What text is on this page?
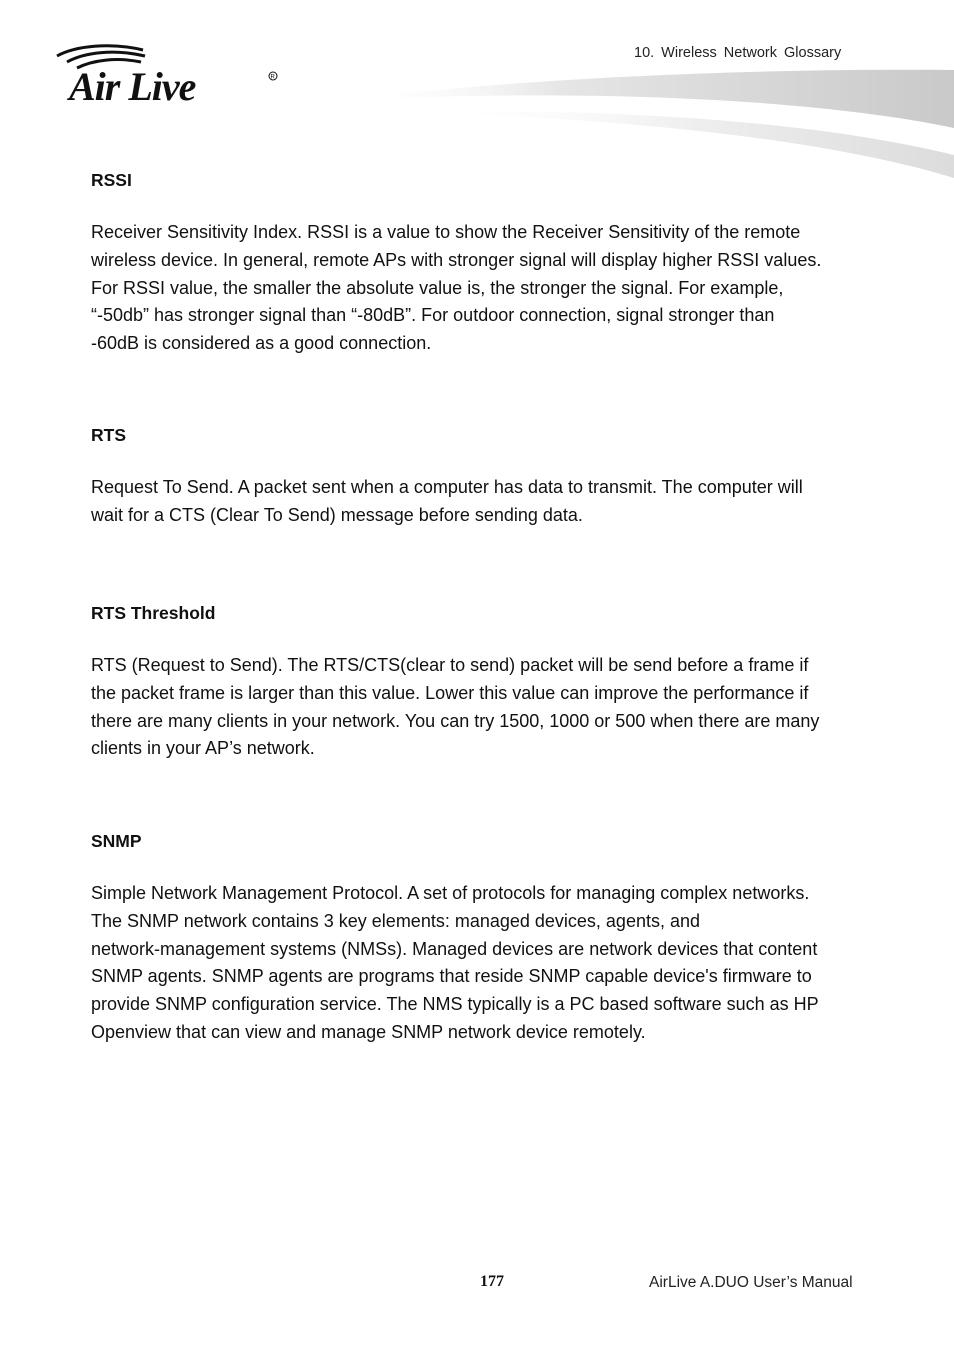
Air Live	R
10. Wireless Network Glossary

RSSI

Receiver Sensitivity Index. RSSI is a value to show the Receiver Sensitivity of the remote
wireless device. In general, remote APs with stronger signal will display higher RSSI values.
For RSSI value, the smaller the absolute value is, the stronger the signal. For example,
“-50db” has stronger signal than “-80dB”. For outdoor connection, signal stronger than
-60dB is considered as a good connection.

RTS

Request To Send. A packet sent when a computer has data to transmit. The computer will
wait for a CTS (Clear To Send) message before sending data.

RTS Threshold

RTS (Request to Send). The RTS/CTS(clear to send) packet will be send before a frame if
the packet frame is larger than this value. Lower this value can improve the performance if
there are many clients in your network. You can try 1500, 1000 or 500 when there are many
clients in your AP’s network.

SNMP

Simple Network Management Protocol. A set of protocols for managing complex networks.
The SNMP network contains 3 key elements: managed devices, agents, and
network-management systems (NMSs). Managed devices are network devices that content
SNMP agents. SNMP agents are programs that reside SNMP capable device's firmware to
provide SNMP configuration service. The NMS typically is a PC based software such as HP
Openview that can view and manage SNMP network device remotely.

177	AirLive A.DUO User’s Manual
